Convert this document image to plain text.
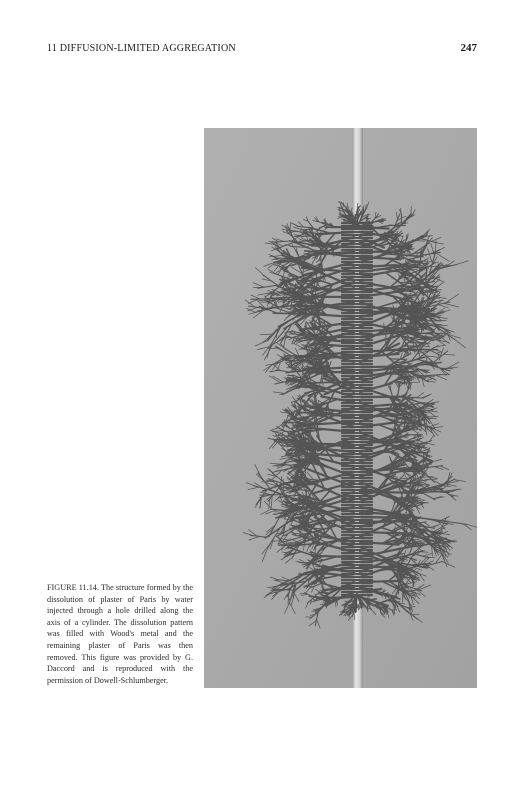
11 DIFFUSION-LIMITED AGGREGATION	247
FIGURE 11.14. The structure formed by the dissolution of plaster of Paris by water injected through a hole drilled along the axis of a cylinder. The dissolution pattern was filled with Wood's metal and the remaining plaster of Paris was then removed. This figure was provided by G. Daccord and is reproduced with the permission of Dowell-Schlumberger.
